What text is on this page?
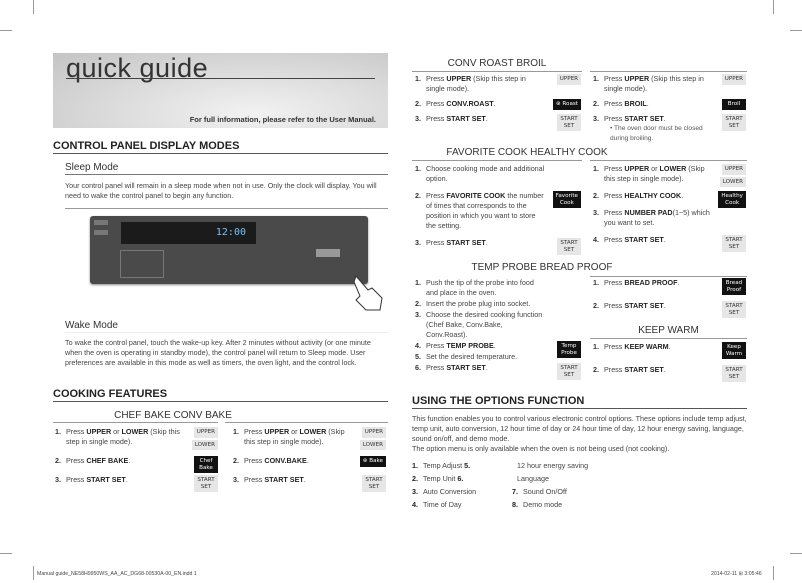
quick guide
For full information, please refer to the User Manual.
CONTROL PANEL DISPLAY MODES
Sleep Mode
Your control panel will remain in a sleep mode when not in use. Only the clock will display. You will need to wake the control panel to begin any function.
12:00
Wake Mode
To wake the control panel, touch the wake-up key. After 2 minutes without activity (or one minute when the oven is operating in standby mode), the control panel will return to Sleep mode. User preferences are available in this mode as well as timers, the oven light, and the control lock.
COOKING FEATURES
CHEF BAKE CONV BAKE
1. Press UPPER or LOWER (Skip this step in single mode).
UPPER
LOWER
2. Press CHEF BAKE.	Chef
Bake
3. Press START SET.	START
SET
1. Press UPPER or LOWER (Skip this step in single mode).
UPPER
LOWER
2. Press CONV.BAKE.	⊛ Bake
3. Press START SET.	START
SET
CONV ROAST BROIL
1. Press UPPER (Skip this step in single mode).
UPPER
2. Press CONV.ROAST.	⊛ Roast
3. Press START SET.	START
SET
1. Press UPPER (Skip this step in single mode).
UPPER
2. Press BROIL.	Broil
3. Press START SET.
• The oven door must be closed during broiling.
START
SET
FAVORITE COOK HEALTHY COOK
1. Choose cooking mode and additional option.
2. Press FAVORITE COOK the number of times that corresponds to the position in which you want to store the setting.
Favorite
Cook
3. Press START SET.	START
SET
1. Press UPPER or LOWER (Skip this step in single mode).
UPPER
LOWER
2. Press HEALTHY COOK.	Healthy
Cook
3. Press NUMBER PAD(1~5) which you want to set.
4. Press START SET.	START
SET
TEMP PROBE BREAD PROOF
1. Push the tip of the probe into food and place in the oven.
2. Insert the probe plug into socket.
3. Choose the desired cooking function (Chef Bake, Conv.Bake, Conv.Roast).
4. Press TEMP PROBE.	Temp
Probe
5. Set the desired temperature.
6. Press START SET.	START
SET
1. Press BREAD PROOF.	Bread
Proof
2. Press START SET.	START
SET
KEEP WARM
1. Press KEEP WARM.	Keep
Warm
2. Press START SET.	START
SET
USING THE OPTIONS FUNCTION
This function enables you to control various electronic control options. These options include temp adjust, temp unit, auto conversion, 12 hour time of day or 24 hour time of day, 12 hour energy saving, language, sound on/off, and demo mode.
The option menu is only available when the oven is not being used (not cooking).
1. Temp Adjust 5.	12 hour energy saving
2. Temp Unit 6.	Language
3. Auto Conversion	7. Sound On/Off
4. Time of Day	8. Demo mode
Manual guide_NE58H9950WS_AA_AC_DG68-00530A-00_EN.indd 1	2014-02-11 ⊞ 3:05:46
